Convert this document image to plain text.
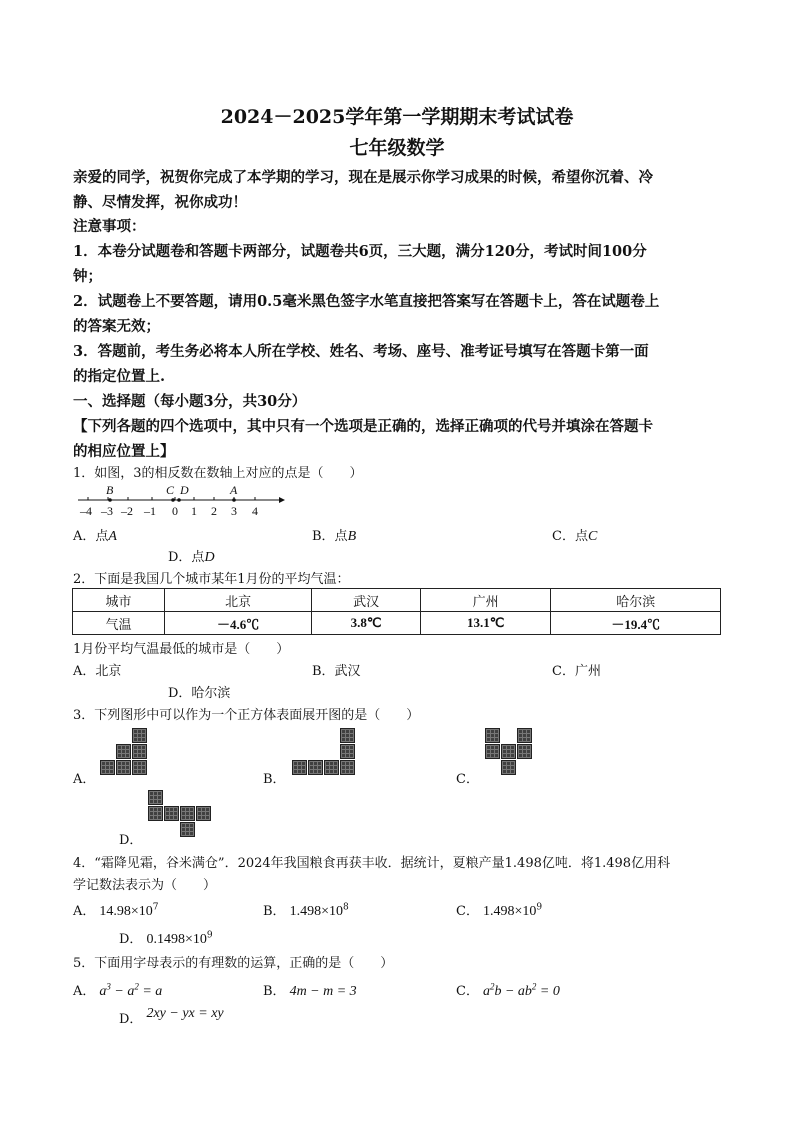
2024－2025学年第一学期期末考试试卷
七年级数学
亲爱的同学，祝贺你完成了本学期的学习，现在是展示你学习成果的时候，希望你沉着、冷
静、尽情发挥，祝你成功！
注意事项：
1．本卷分试题卷和答题卡两部分，试题卷共6页，三大题，满分120分，考试时间100分
钟；
2．试题卷上不要答题，请用0.5毫米黑色签字水笔直接把答案写在答题卡上，答在试题卷上
的答案无效；
3．答题前，考生务必将本人所在学校、姓名、考场、座号、准考证号填写在答题卡第一面
的指定位置上.
一、选择题（每小题3分，共30分）
【下列各题的四个选项中，其中只有一个选项是正确的，选择正确项的代号并填涂在答题卡
的相应位置上】
1．如图，3的相反数在数轴上对应的点是（　　）
B	C D	A
–4 –3 –2 –1 0 1 2 3 4
A．点A	B．点B	C．点C
D．点D
2．下面是我国几个城市某年1月份的平均气温：
城市	北京	武汉	广州	哈尔滨
气温	－4.6℃	3.8℃	13.1℃	－19.4℃
1月份平均气温最低的城市是（　　）
A．北京	B．武汉	C．广州
D．哈尔滨
3．下列图形中可以作为一个正方体表面展开图的是（　　）
A．	B．	C．
D．
4．“霜降见霜，谷米满仓”．2024年我国粮食再获丰收．据统计，夏粮产量1.498亿吨．将1.498亿用科
学记数法表示为（　　）
A． $14.98\times 10^7$	B． $1.498\times 10^8$	C． $1.498\times 10^9$
D． $0.1498\times 10^9$
5．下面用字母表示的有理数的运算，正确的是（　　）
A． $a^3 - a^2 = a$	B． 4m − m = 3	C． $a^2b - ab^2 = 0$
D． 2xy − yx = xy
